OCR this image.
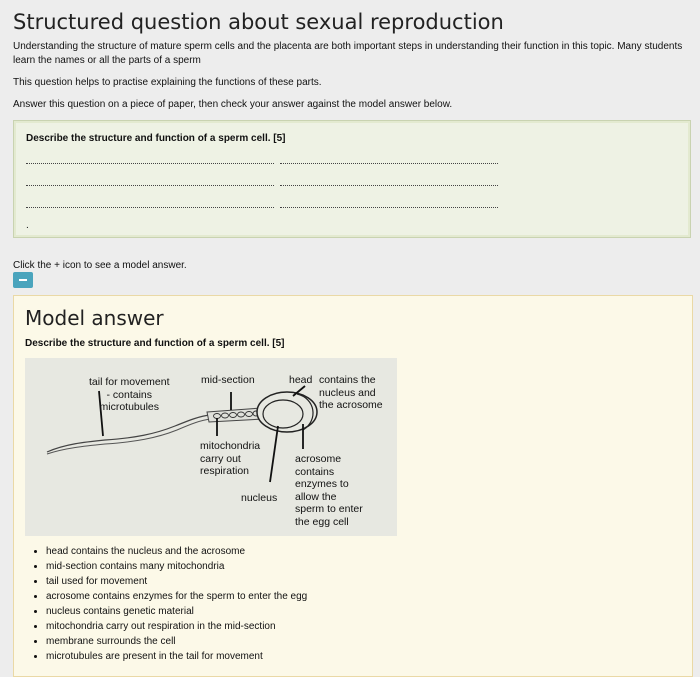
Structured question about sexual reproduction

Understanding the structure of mature sperm cells and the placenta are both important steps in understanding their function in this topic. Many students learn the names or all the parts of a sperm

This question helps to practise explaining the functions of these parts.

Answer this question on a piece of paper, then check your answer against the model answer below.

Describe the structure and function of a sperm cell. [5]
.

Click the + icon to see a model answer.

Model answer
Describe the structure and function of a sperm cell. [5]
tail for movement
- contains
microtubules
mid-section	head contains the
nucleus and
the acrosome
mitochondria
carry out
respiration
acrosome
contains
enzymes to
allow the
sperm to enter
the egg cell
nucleus
• head contains the nucleus and the acrosome
• mid-section contains many mitochondria
• tail used for movement
• acrosome contains enzymes for the sperm to enter the egg
• nucleus contains genetic material
• mitochondria carry out respiration in the mid-section
• membrane surrounds the cell
• microtubules are present in the tail for movement
